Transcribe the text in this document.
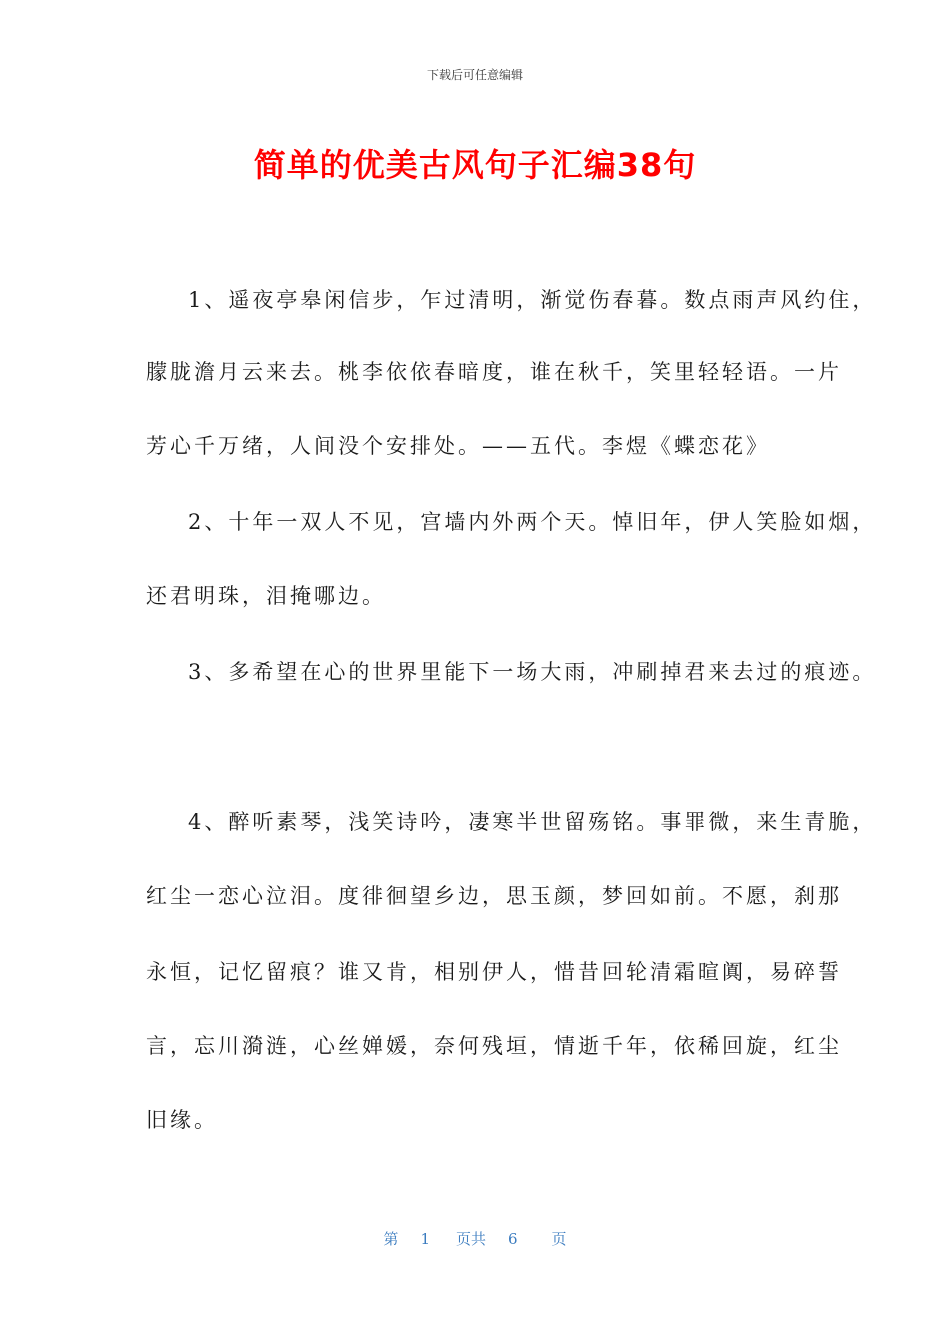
下载后可任意编辑
简单的优美古风句子汇编38句
1、遥夜亭皋闲信步，乍过清明，渐觉伤春暮。数点雨声风约住，
朦胧澹月云来去。桃李依依春暗度，谁在秋千，笑里轻轻语。一片
芳心千万绪，人间没个安排处。——五代。李煜《蝶恋花》
2、十年一双人不见，宫墙内外两个天。悼旧年，伊人笑脸如烟，
还君明珠，泪掩哪边。
3、多希望在心的世界里能下一场大雨，冲刷掉君来去过的痕迹。
4、醉听素琴，浅笑诗吟，凄寒半世留殇铭。事罪微，来生青脆，
红尘一恋心泣泪。度徘徊望乡边，思玉颜，梦回如前。不愿，刹那
永恒，记忆留痕？谁又肯，相别伊人，惜昔回轮清霜暄阗，易碎誓
言，忘川漪涟，心丝婵媛，奈何残垣，情逝千年，依稀回旋，红尘
旧缘。
第 1 页共 6 页
